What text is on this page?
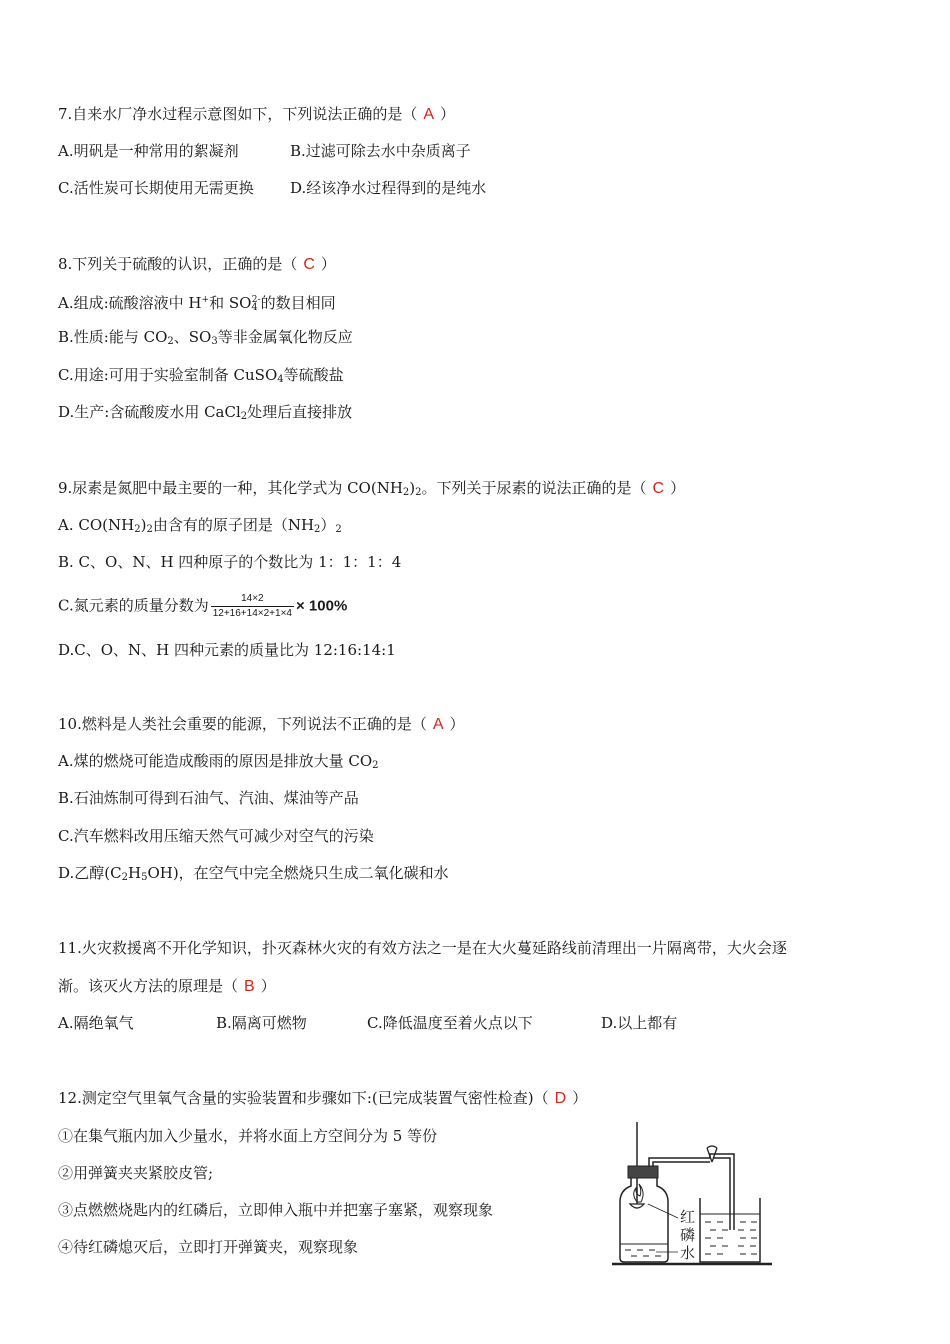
7.自来水厂净水过程示意图如下，下列说法正确的是（ A ）
A.明矾是一种常用的絮凝剂	B.过滤可除去水中杂质离子
C.活性炭可长期使用无需更换 D.经该净水过程得到的是纯水
8.下列关于硫酸的认识，正确的是（ C ）
A.组成:硫酸溶液中 H+和 $SO_4^{2-}$的数目相同
B.性质:能与 $CO_2$、$SO_3$等非金属氧化物反应
C.用途:可用于实验室制备 CuSO$_4$等硫酸盐
D.生产:含硫酸废水用 CaCl$_2$处理后直接排放
9.尿素是氮肥中最主要的一种，其化学式为 $CO(NH_2)_2$。下列关于尿素的说法正确的是（ C ）
A. $CO(NH_2)_2$由含有的原子团是$(NH_2)_2$
B. C、O、N、H 四种原子的个数比为 1：1：1：4
C.氮元素的质量分数为 $\frac{14\times 2}{12+16+14\times 2+1\times 4} \times 100\%$
D.C、O、N、H 四种元素的质量比为 12:16:14:1
10.燃料是人类社会重要的能源，下列说法不正确的是（ A ）
A.煤的燃烧可能造成酸雨的原因是排放大量 $CO_2$
B.石油炼制可得到石油气、汽油、煤油等产品
C.汽车燃料改用压缩天然气可减少对空气的污染
D.乙醇$(C_2H_5OH)$，在空气中完全燃烧只生成二氧化碳和水
11.火灾救援离不开化学知识，扑灭森林火灾的有效方法之一是在大火蔓延路线前清理出一片隔离带，大火会逐
渐。该灭火方法的原理是（ B ）
A.隔绝氧气	B.隔离可燃物	C.降低温度至着火点以下	D.以上都有
12.测定空气里氧气含量的实验装置和步骤如下:(已完成装置气密性检查)（ D ）
①在集气瓶内加入少量水，并将水面上方空间分为 5 等份
②用弹簧夹夹紧胶皮管;
③点燃燃烧匙内的红磷后，立即伸入瓶中并把塞子塞紧，观察现象
④待红磷熄灭后，立即打开弹簧夹，观察现象
红
磷
水
